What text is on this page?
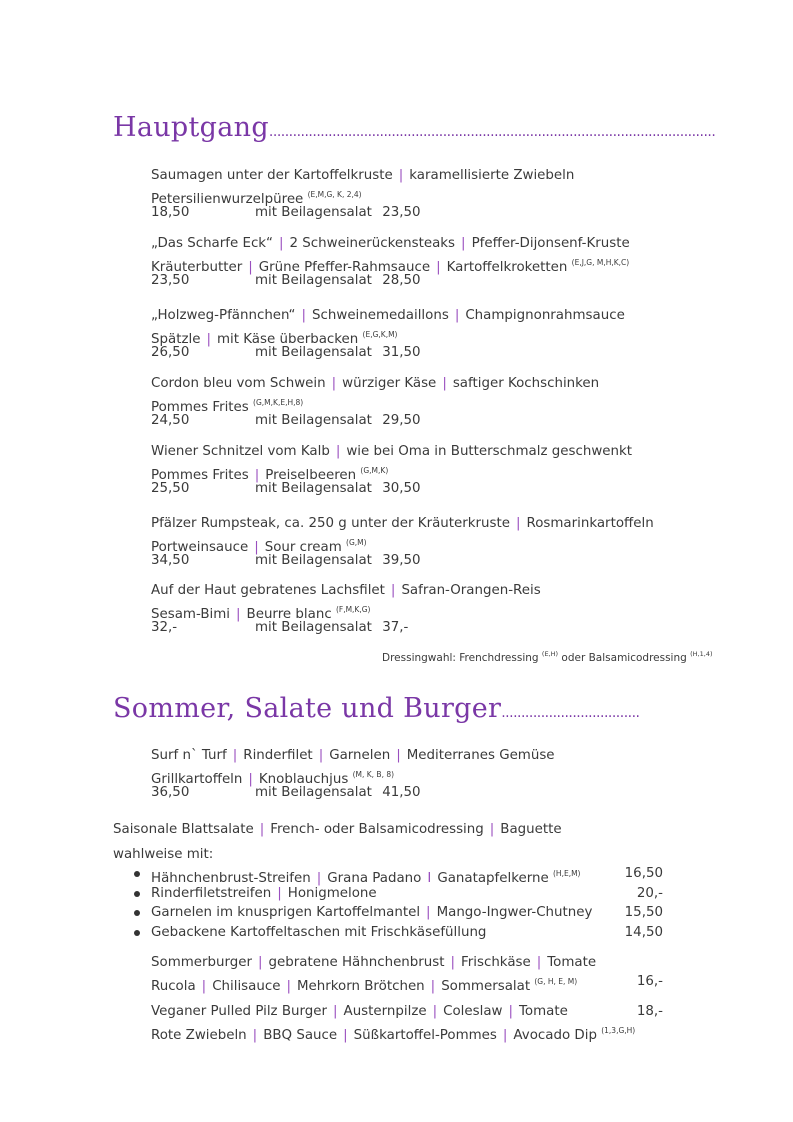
Hauptgang.................................................................................................................
Saumagen unter der Kartoffelkruste | karamellisierte Zwiebeln
Petersilienwurzelpüree $^{(E,M,G, K, 2,4)}$
18,50	mit Beilagensalat 23,50
„Das Scharfe Eck“ | 2 Schweinerückensteaks | Pfeffer-Dijonsenf-Kruste
Kräuterbutter | Grüne Pfeffer-Rahmsauce | Kartoffelkroketten $^{(E,J,G, M,H,K,C)}$
23,50	mit Beilagensalat 28,50
„Holzweg-Pfännchen“ | Schweinemedaillons | Champignonrahmsauce
Spätzle | mit Käse überbacken $^{(E,G,K,M)}$
26,50	mit Beilagensalat 31,50
Cordon bleu vom Schwein | würziger Käse | saftiger Kochschinken
Pommes Frites $^{(G,M,K,E,H,8)}$
24,50	mit Beilagensalat 29,50
Wiener Schnitzel vom Kalb | wie bei Oma in Butterschmalz geschwenkt
Pommes Frites | Preiselbeeren $^{(G,M,K)}$
25,50	mit Beilagensalat 30,50
Pfälzer Rumpsteak, ca. 250 g unter der Kräuterkruste | Rosmarinkartoffeln
Portweinsauce | Sour cream $^{(G,M)}$
34,50	mit Beilagensalat 39,50
Auf der Haut gebratenes Lachsfilet | Safran-Orangen-Reis
Sesam-Bimi | Beurre blanc $^{(F,M,K,G)}$
32,-	mit Beilagensalat 37,-
Dressingwahl: Frenchdressing $^{(E,H)}$ oder Balsamicodressing $^{(H,1,4)}$
Sommer, Salate und Burger...................................
Surf n` Turf | Rinderfilet | Garnelen | Mediterranes Gemüse
Grillkartoffeln | Knoblauchjus $^{(M, K, B, 8)}$
36,50	mit Beilagensalat 41,50
Saisonale Blattsalate | French- oder Balsamicodressing | Baguette
wahlweise mit:
Hähnchenbrust-Streifen | Grana Padano I Ganatapfelkerne $^{(H,E,M)}$	16,50
Rinderfiletstreifen | Honigmelone	20,-
Garnelen im knusprigen Kartoffelmantel | Mango-Ingwer-Chutney 15,50
Gebackene Kartoffeltaschen mit Frischkäsefüllung	14,50
Sommerburger | gebratene Hähnchenbrust | Frischkäse | Tomate
Rucola | Chilisauce | Mehrkorn Brötchen | Sommersalat $^{(G, H, E, M)}$	16,-
Veganer Pulled Pilz Burger | Austernpilze | Coleslaw | Tomate	18,-
Rote Zwiebeln | BBQ Sauce | Süßkartoffel-Pommes | Avocado Dip $^{(1,3,G,H)}$
